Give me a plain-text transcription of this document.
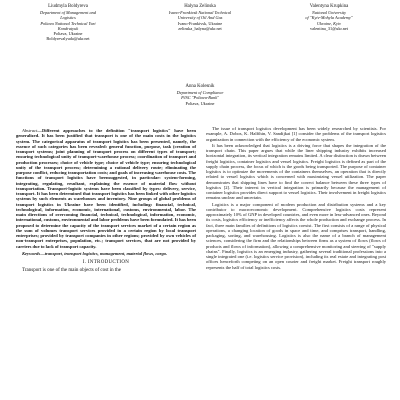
Liudmyla Boldyreva
Department of Management and
Logistics
Poltava National Technical Yuri
Kondratyuk
Poltava, Ukraine
Boldyrevalyuda@ukr.net
Halyna Zelinska
Ivano-Frankivsk National Technical
University of Oil And Gas
Ivano-Frankivsk, Ukraine
zelinska_halyna@ukr.net
Valentyna Krupkina
National University
of "Kyiv-Mohyla Academy"
Ukraine, Kyiv
valentina_31@ukr.net
Anna Kolesnik
Department of Compliance
PJSC "Poltava-Bank"
Poltava, Ukraine

Abstract—Different approaches to the definition "transport logistics" have been generalized. It has been justified that transport is one of the main costs in the logistics system. The categorical apparatus of transport logistics has been presented, namely, the essence of such categories has been revealed: general function, purpose, task (creation of transport systems; joint planning of transport process on different types of transport; ensuring technological unity of transport-warehouse process; coordination of transport and production processes; choice of vehicle type; choice of vehicle type; ensuring technological unity of the transport process; determining a rational delivery route; eliminating the purpose conflict, reducing transportation costs; and goals of increasing warehouse costs. The functions of transport logistics have beensuggested, in particular: system-forming, integrating, regulating, resultant, explaining the essence of material flow without transportation. Transport-logistic systems have been classified by types: delivery, service, transport. It has been determined that transport logistics has been linked with other logistics systems by such elements as warehouses and inventory. Nine groups of global problems of transport logistics in Ukraine have been identified, including: financial, technical, technological, information, economic, international, customs, environmental, labor. The main directions of overcoming financial, technical, technological, information, economic, international, customs, environmental and labor problems have been formulated. It has been proposed to determine the capacity of the transport services market of a certain region as the sum of volumes transport services provided in a certain region by local transport enterprises; provided by transport companies in other regions; provided by own vehicles of non-transport enterprises, population, etc.; transport services, that are not provided by carriers due to lack of transport capacity.

Keywords—transport, transport logistics, management, material flows, cargo.

I. INTRODUCTION

Transport is one of the main objects of cost in the

The issue of transport logistics development has been widely researched by scientists. For example, A. Dobos, K. Halfthin, V. Sandijkai [1] consider the problems of the transport logistics organization in connection with the efficiency of the economic system.

It has been acknowledged that logistics is a driving force that shapes the integration of the transport chain. This paper argues that while the liner shipping industry exhibits increased horizontal integration, its vertical integration remains limited. A clear distinction is drawn between freight logistics, container logistics and vessel logistics. Freight logistics is defined as part of the supply chain process, the focus of which is the goods being transported. The purpose of container logistics is to optimize the movements of the containers themselves, an operation that is directly related to vessel logistics which is concerned with maximizing vessel utilization. The paper demonstrates that shipping lines have to find the correct balance between these three types of logistics [2]. Their interest in vertical integration is primarily because the management of container logistics provides direct support to vessel logistics. Their involvement in freight logistics remains unclear and uncertain.

Logistics is a major component of modern production and distribution systems and a key contributor to macroeconomic development. Comprehensive logistics costs represent approximately 10% of GNP in developed countries, and even more in less-advanced ones. Beyond its costs, logistics efficiency or inefficiency affects the whole production and exchange process. In fact, three main families of definitions of logistics coexist. The first consists of a range of physical operations, a changing location of goods in space and time, and comprises transport, handling, packaging, sorting, and warehousing. Logistics is also the name of a branch of management sciences, considering the firm and the relationships between firms as a system of flows (flows of products and flows of information), allowing a comprehensive monitoring and steering of "supply chains". Finally, logistics is an emerging industry, gathering several traditional professions into a single integrated one (i.e. logistics service provision), including its real estate and integrating post offices henceforth competing on an open courier and freight market. Freight transport roughly represents the half of total logistics costs.
